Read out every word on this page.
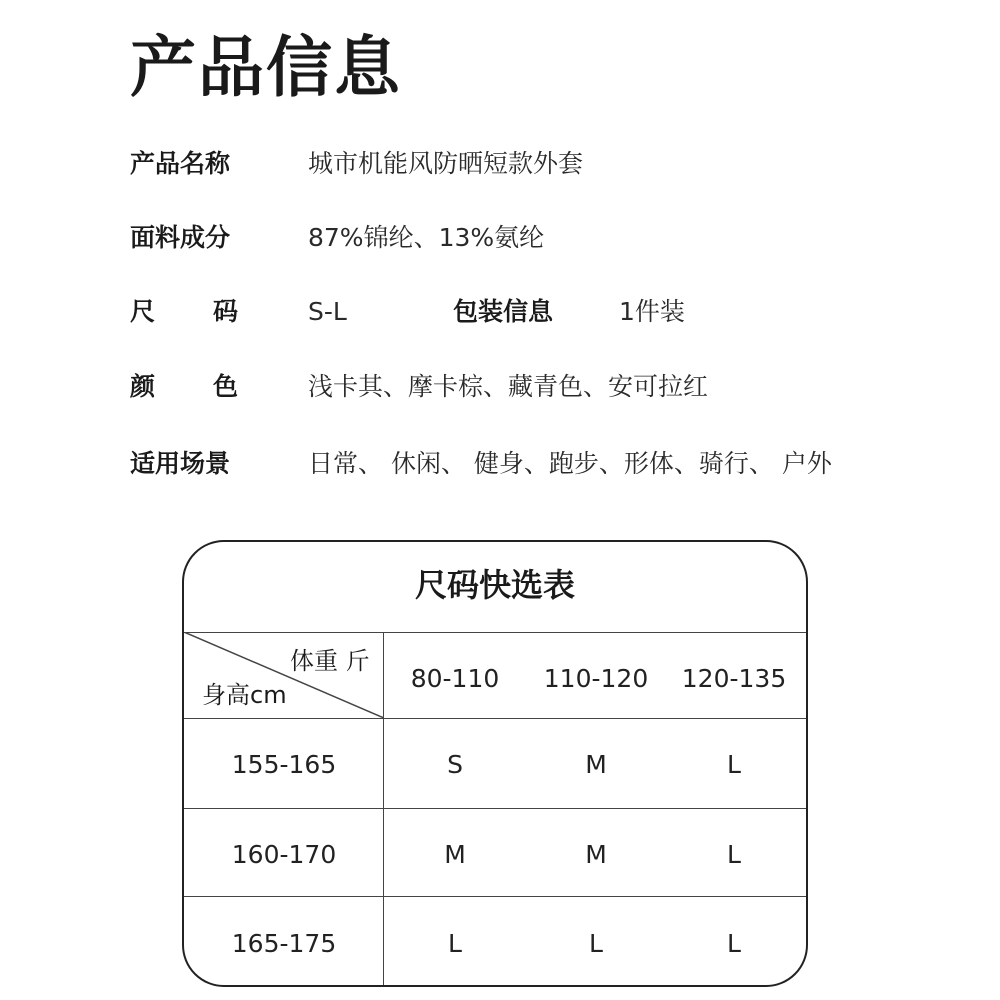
产品信息
产品名称	城市机能风防晒短款外套
面料成分	87%锦纶、13%氨纶
尺 码	S-L	包装信息	1件装
颜 色	浅卡其、摩卡棕、藏青色、安可拉红
适用场景	日常、 休闲、 健身、跑步、形体、骑行、 户外
尺码快选表
体重 斤
身高cm
80-110	110-120	120-135
155-165	S	M	L
160-170	M	M	L
165-175	L	L	L
